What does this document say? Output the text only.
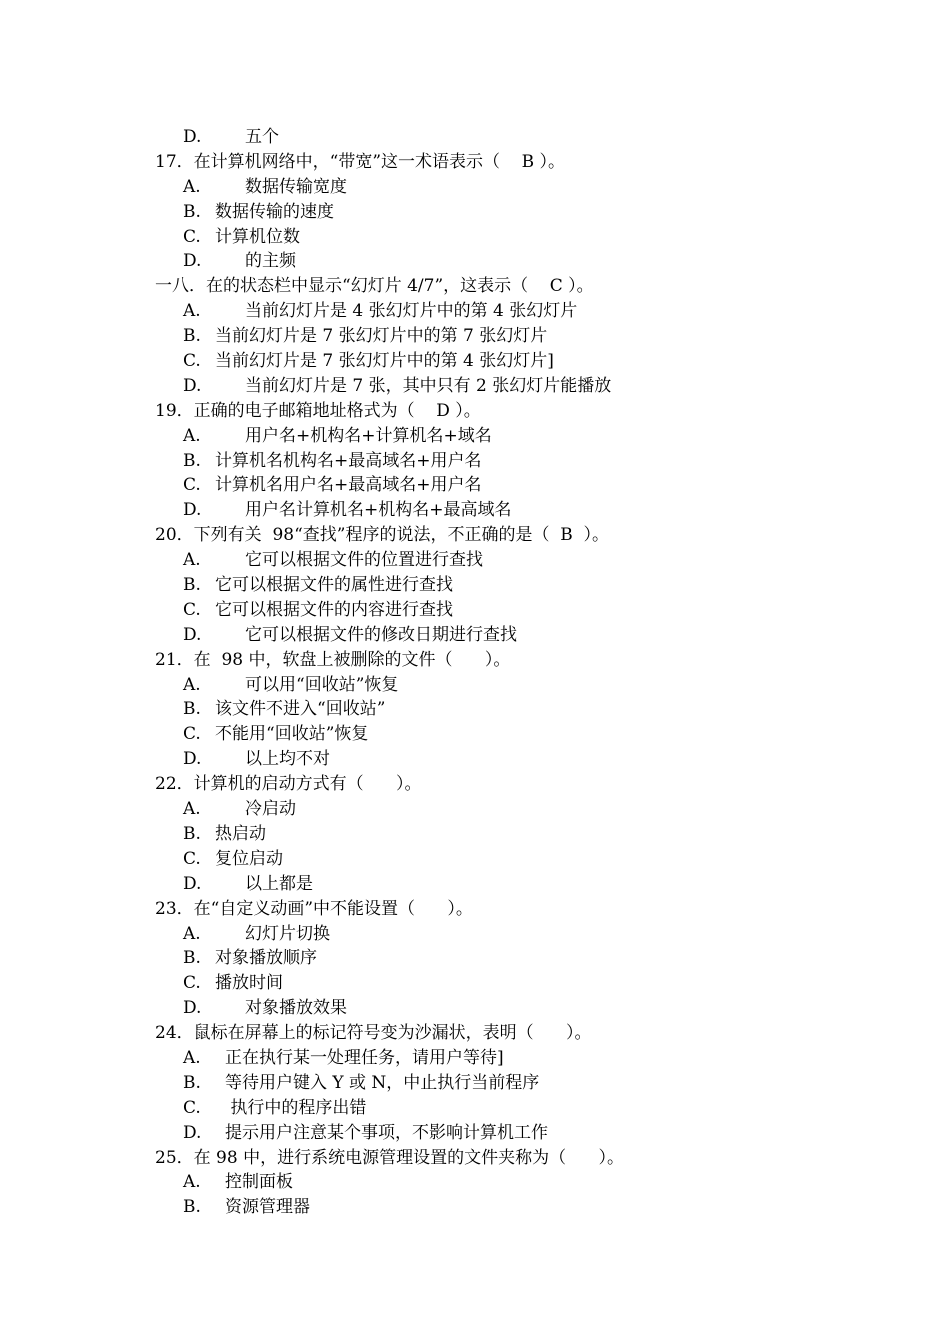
D.	五个
17．在计算机网络中，“带宽”这一术语表示（    B ）。
A.	数据传输宽度
B. 数据传输的速度
C. 计算机位数
D.	的主频
一八．在的状态栏中显示“幻灯片 4/7”，这表示（    C ）。
A.	当前幻灯片是 4 张幻灯片中的第 4 张幻灯片
B. 当前幻灯片是 7 张幻灯片中的第 7 张幻灯片
C. 当前幻灯片是 7 张幻灯片中的第 4 张幻灯片]
D.	当前幻灯片是 7 张，其中只有 2 张幻灯片能播放
19．正确的电子邮箱地址格式为（    D ）。
A.	用户名+机构名+计算机名+域名
B. 计算机名机构名+最高域名+用户名
C. 计算机名用户名+最高域名+用户名
D.	用户名计算机名+机构名+最高域名
20．下列有关  98“查找”程序的说法，不正确的是（  B  ）。
A.	它可以根据文件的位置进行查找
B. 它可以根据文件的属性进行查找
C. 它可以根据文件的内容进行查找
D.	它可以根据文件的修改日期进行查找
21．在  98 中，软盘上被删除的文件（      ）。
A.	可以用“回收站”恢复
B. 该文件不进入“回收站”
C. 不能用“回收站”恢复
D.	以上均不对
22．计算机的启动方式有（      ）。
A.	冷启动
B. 热启动
C. 复位启动
D.	以上都是
23．在“自定义动画”中不能设置（      ）。
A.	幻灯片切换
B. 对象播放顺序
C. 播放时间
D.	对象播放效果
24．鼠标在屏幕上的标记符号变为沙漏状，表明（      ）。
A. 正在执行某一处理任务，请用户等待]
B. 等待用户键入 Y 或 N，中止执行当前程序
C. 执行中的程序出错
D. 提示用户注意某个事项，不影响计算机工作
25．在 98 中，进行系统电源管理设置的文件夹称为（      ）。
A. 控制面板
B. 资源管理器
